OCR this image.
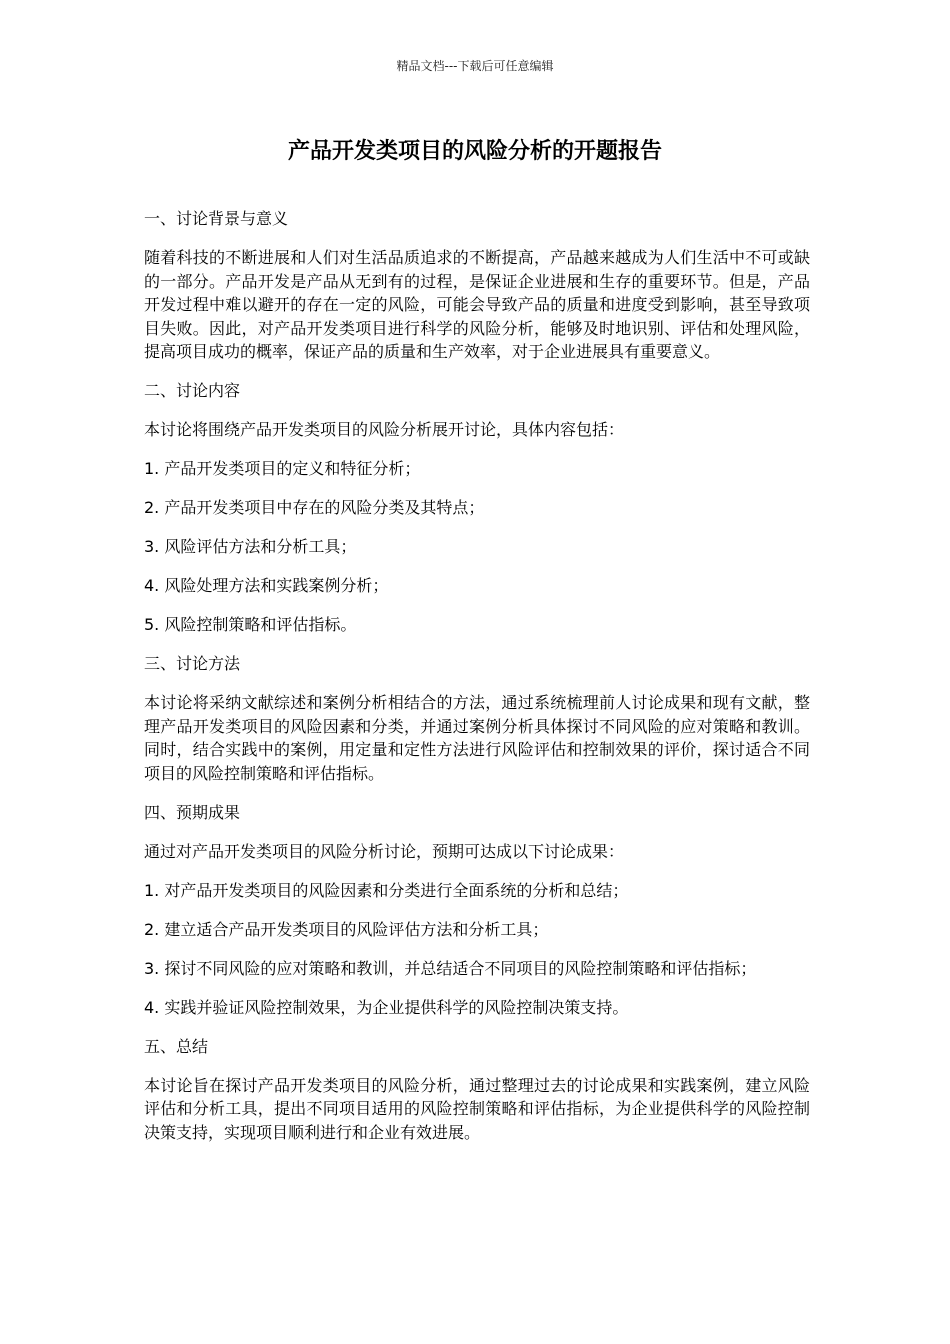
精品文档---下载后可任意编辑
产品开发类项目的风险分析的开题报告

一、讨论背景与意义

随着科技的不断进展和人们对生活品质追求的不断提高，产品越来越成为人们生活中不可或缺的一部分。产品开发是产品从无到有的过程，是保证企业进展和生存的重要环节。但是，产品开发过程中难以避开的存在一定的风险，可能会导致产品的质量和进度受到影响，甚至导致项目失败。因此，对产品开发类项目进行科学的风险分析，能够及时地识别、评估和处理风险，提高项目成功的概率，保证产品的质量和生产效率，对于企业进展具有重要意义。

二、讨论内容

本讨论将围绕产品开发类项目的风险分析展开讨论，具体内容包括：

1. 产品开发类项目的定义和特征分析；

2. 产品开发类项目中存在的风险分类及其特点；

3. 风险评估方法和分析工具；

4. 风险处理方法和实践案例分析；

5. 风险控制策略和评估指标。

三、讨论方法

本讨论将采纳文献综述和案例分析相结合的方法，通过系统梳理前人讨论成果和现有文献，整理产品开发类项目的风险因素和分类，并通过案例分析具体探讨不同风险的应对策略和教训。同时，结合实践中的案例，用定量和定性方法进行风险评估和控制效果的评价，探讨适合不同项目的风险控制策略和评估指标。

四、预期成果

通过对产品开发类项目的风险分析讨论，预期可达成以下讨论成果：

1. 对产品开发类项目的风险因素和分类进行全面系统的分析和总结；

2. 建立适合产品开发类项目的风险评估方法和分析工具；

3. 探讨不同风险的应对策略和教训，并总结适合不同项目的风险控制策略和评估指标；

4. 实践并验证风险控制效果，为企业提供科学的风险控制决策支持。

五、总结

本讨论旨在探讨产品开发类项目的风险分析，通过整理过去的讨论成果和实践案例，建立风险评估和分析工具，提出不同项目适用的风险控制策略和评估指标，为企业提供科学的风险控制决策支持，实现项目顺利进行和企业有效进展。
